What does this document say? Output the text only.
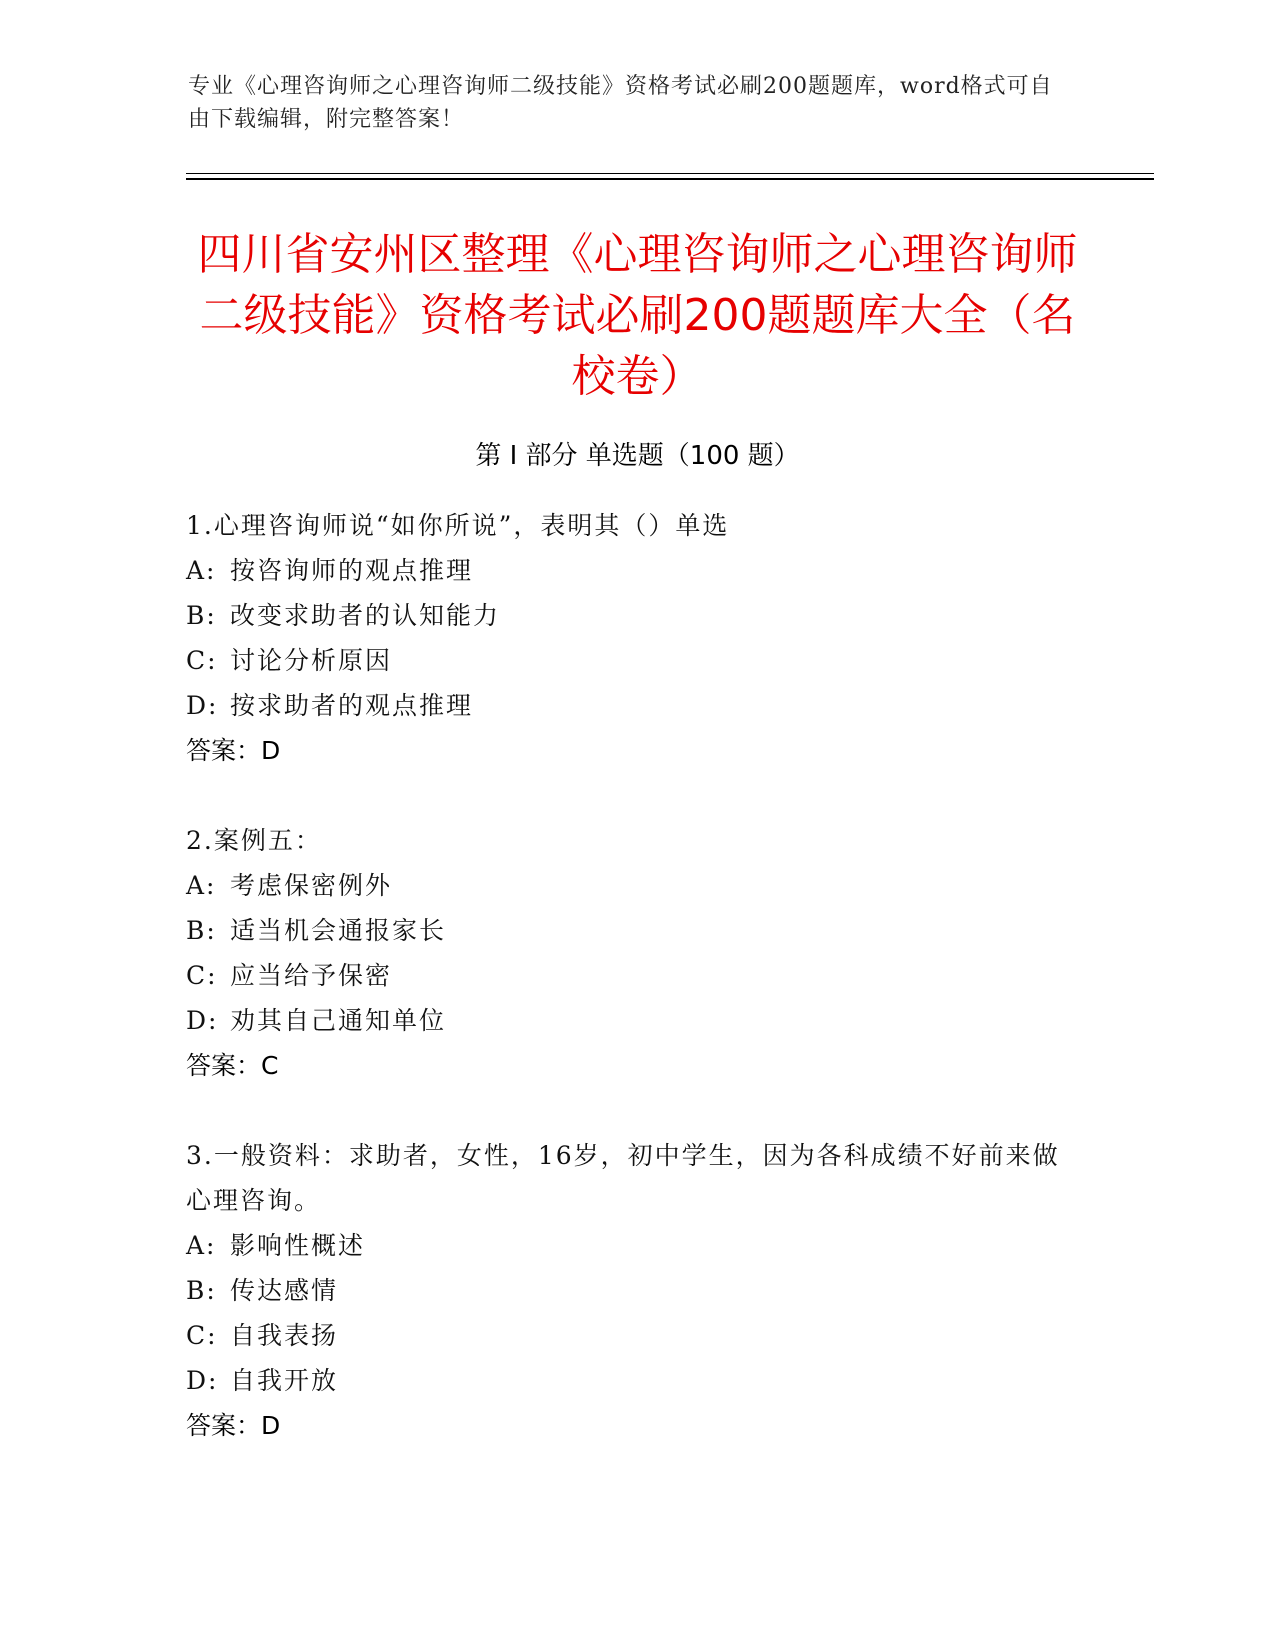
专业《心理咨询师之心理咨询师二级技能》资格考试必刷200题题库，word格式可自由下载编辑，附完整答案！
四川省安州区整理《心理咨询师之心理咨询师二级技能》资格考试必刷200题题库大全（名校卷）
第 I 部分 单选题（100 题）

1.心理咨询师说“如你所说”，表明其（）单选

A: 按咨询师的观点推理

B: 改变求助者的认知能力

C: 讨论分析原因

D: 按求助者的观点推理

答案：D

2.案例五：

A: 考虑保密例外

B: 适当机会通报家长

C: 应当给予保密

D: 劝其自己通知单位

答案：C

3.一般资料：求助者，女性，16岁，初中学生，因为各科成绩不好前来做心理咨询。

A: 影响性概述

B: 传达感情

C: 自我表扬

D: 自我开放

答案：D
